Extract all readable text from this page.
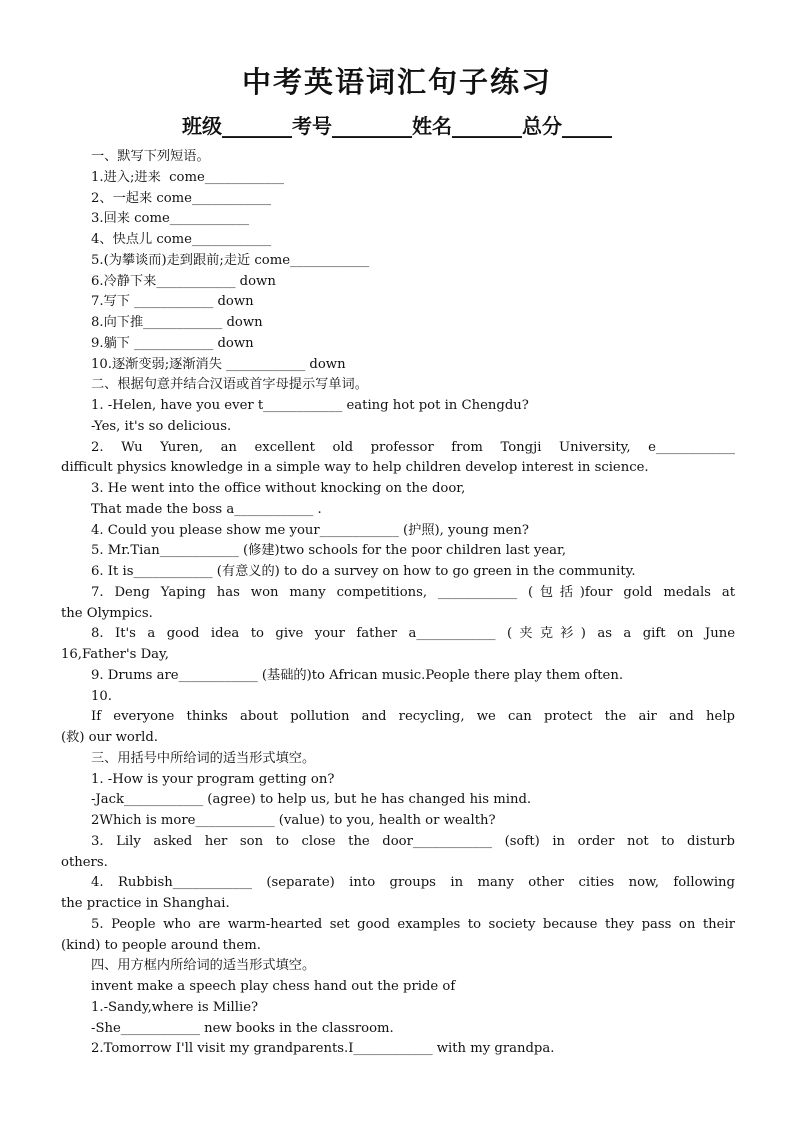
中考英语词汇句子练习
班级_______考号________姓名_______总分_____
一、默写下列短语。
1.进入;进来  come____________
2、一起来 come____________
3.回来 come____________
4、快点儿 come____________
5.(为攀谈而)走到跟前;走近 come____________
6.冷静下来____________ down
7.写下 ____________ down
8.向下推____________ down
9.躺下 ____________ down
10.逐渐变弱;逐渐消失 ____________ down
二、根据句意并结合汉语或首字母提示写单词。
1. -Helen, have you ever t____________ eating hot pot in Chengdu?
-Yes, it's so delicious.
2. Wu Yuren, an excellent old professor from Tongji University, e____________
difficult physics knowledge in a simple way to help children develop interest in science.
3. He went into the office without knocking on the door,
That made the boss a____________ .
4. Could you please show me your____________ (护照), young men?
5. Mr.Tian____________ (修建)two schools for the poor children last year,
6. It is____________ (有意义的) to do a survey on how to go green in the community.
7. Deng Yaping has won many competitions, ____________ (包括)four gold medals at
the Olympics.
8. It's a good idea to give your father a____________ (夹克衫) as a gift on June
16,Father's Day,
9. Drums are____________ (基础的)to African music.People there play them often.
10.
If everyone thinks about pollution and recycling, we can protect the air and help
(救) our world.
三、用括号中所给词的适当形式填空。
1. -How is your program getting on?
-Jack____________ (agree) to help us, but he has changed his mind.
2Which is more____________ (value) to you, health or wealth?
3. Lily asked her son to close the door____________ (soft) in order not to disturb
others.
4. Rubbish____________ (separate) into groups in many other cities now, following
the practice in Shanghai.
5. People who are warm-hearted set good examples to society because they pass on their
(kind) to people around them.
四、用方框内所给词的适当形式填空。
invent make a speech play chess hand out the pride of
1.-Sandy,where is Millie?
-She____________ new books in the classroom.
2.Tomorrow I'll visit my grandparents.I____________ with my grandpa.
